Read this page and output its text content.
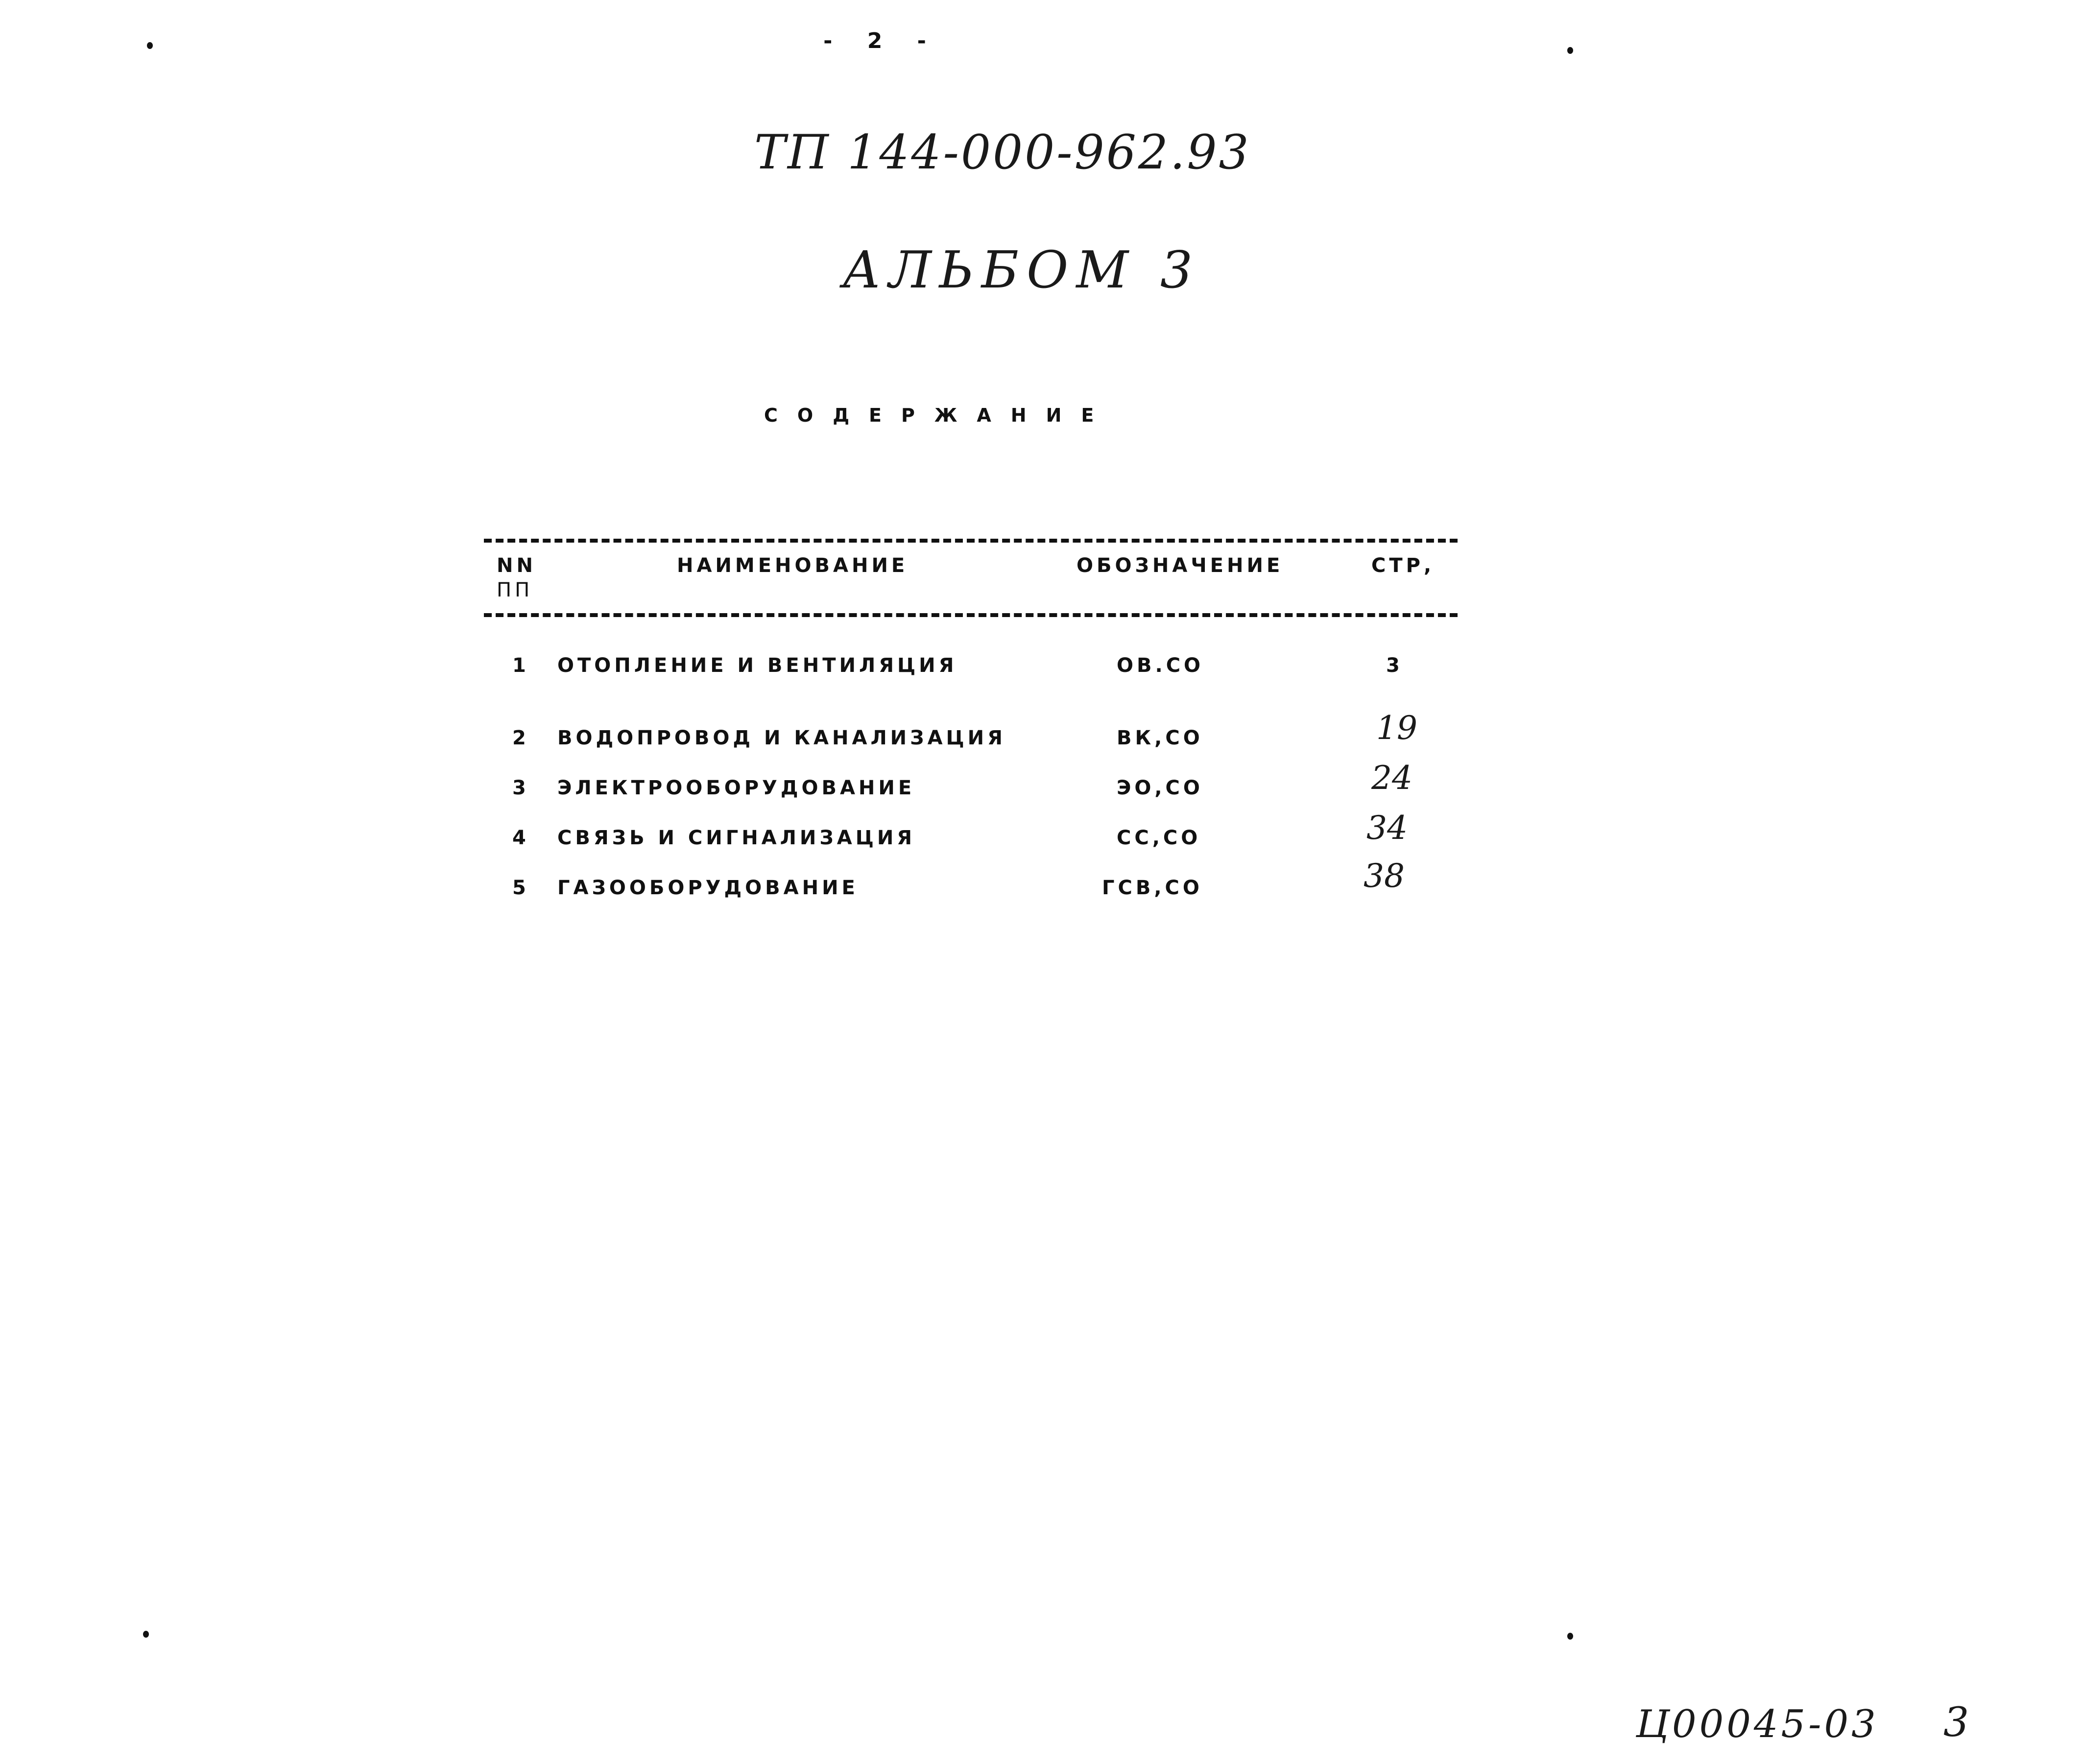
- 2 -
ТП 144-000-962.93
АЛЬБОМ 3
СОДЕРЖАНИЕ
NN
ПП
НАИМЕНОВАНИЕ	ОБОЗНАЧЕНИЕ	СТР,
1 ОТОПЛЕНИЕ И ВЕНТИЛЯЦИЯ	ОВ.СО	3
2 ВОДОПРОВОД И КАНАЛИЗАЦИЯ	ВК,СО	19
3 ЭЛЕКТРООБОРУДОВАНИЕ	ЭО,СО	24
4 СВЯЗЬ И СИГНАЛИЗАЦИЯ	СС,СО	34
5 ГАЗООБОРУДОВАНИЕ	ГСВ,СО	38
Ц00045-03 3
